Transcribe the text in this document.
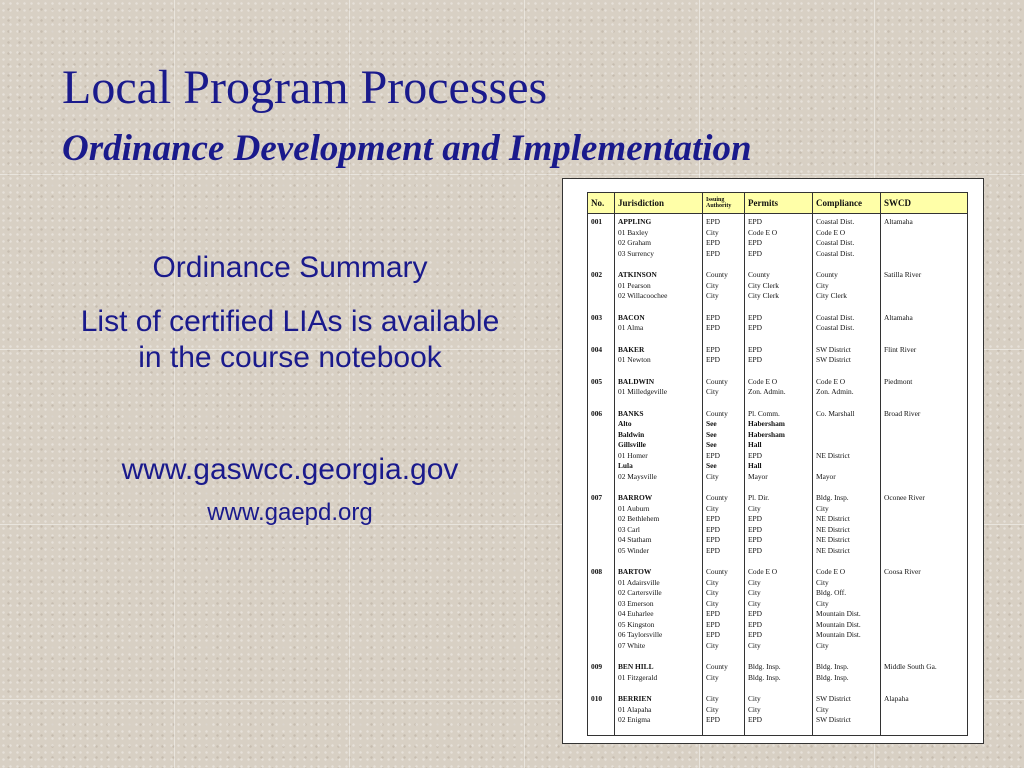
Local Program Processes
Ordinance Development and Implementation

Ordinance Summary

List of certified LIAs is available in the course notebook

www.gaswcc.georgia.gov

www.gaepd.org

No.	Jurisdiction	Issuing Authority	Permits	Compliance	SWCD
001	APPLING	EPD	EPD	Coastal Dist.	Altamaha
	01 Baxley	City	Code E O	Code E O	
	02 Graham	EPD	EPD	Coastal Dist.	
	03 Surrency	EPD	EPD	Coastal Dist.	

002	ATKINSON	County	County	County	Satilla River
	01 Pearson	City	City Clerk	City	
	02 Willacoochee	City	City Clerk	City Clerk	

003	BACON	EPD	EPD	Coastal Dist.	Altamaha
	01 Alma	EPD	EPD	Coastal Dist.	

004	BAKER	EPD	EPD	SW District	Flint River
	01 Newton	EPD	EPD	SW District	

005	BALDWIN	County	Code E O	Code E O	Piedmont
	01 Milledgeville	City	Zon. Admin.	Zon. Admin.	

006	BANKS	County	Pl. Comm.	Co. Marshall	Broad River
	Alto	See	Habersham		
	Baldwin	See	Habersham		
	Gillsville	See	Hall		
	01 Homer	EPD	EPD	NE District	
	Lula	See	Hall		
	02 Maysville	City	Mayor	Mayor	

007	BARROW	County	Pl. Dir.	Bldg. Insp.	Oconee River
	01 Auburn	City	City	City	
	02 Bethlehem	EPD	EPD	NE District	
	03 Carl	EPD	EPD	NE District	
	04 Statham	EPD	EPD	NE District	
	05 Winder	EPD	EPD	NE District	

008	BARTOW	County	Code E O	Code E O	Coosa River
	01 Adairsville	City	City	City	
	02 Cartersville	City	City	Bldg. Off.	
	03 Emerson	City	City	City	
	04 Euharlee	EPD	EPD	Mountain Dist.	
	05 Kingston	EPD	EPD	Mountain Dist.	
	06 Taylorsville	EPD	EPD	Mountain Dist.	
	07 White	City	City	City	

009	BEN HILL	County	Bldg. Insp.	Bldg. Insp.	Middle South Ga.
	01 Fitzgerald	City	Bldg. Insp.	Bldg. Insp.	

010	BERRIEN	City	City	SW District	Alapaha
	01 Alapaha	City	City	City	
	02 Enigma	EPD	EPD	SW District	
